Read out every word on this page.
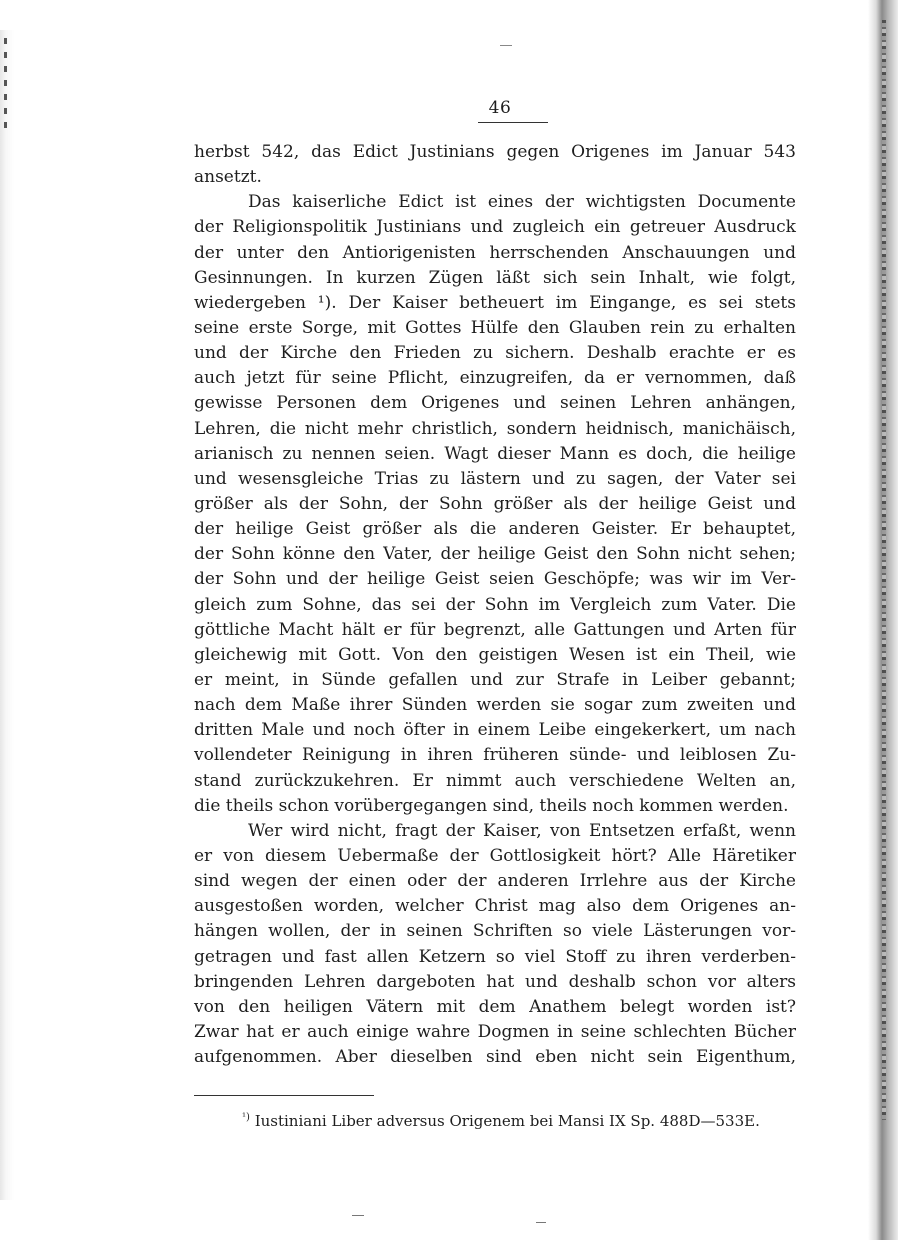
46
herbst 542, das Edict Justinians gegen Origenes im Januar 543
ansetzt.
Das kaiserliche Edict ist eines der wichtigsten Documente
der Religionspolitik Justinians und zugleich ein getreuer Ausdruck
der unter den Antiorigenisten herrschenden Anschauungen und
Gesinnungen. In kurzen Zügen läßt sich sein Inhalt, wie folgt,
wiedergeben ¹). Der Kaiser betheuert im Eingange, es sei stets
seine erste Sorge, mit Gottes Hülfe den Glauben rein zu erhalten
und der Kirche den Frieden zu sichern. Deshalb erachte er es
auch jetzt für seine Pflicht, einzugreifen, da er vernommen, daß
gewisse Personen dem Origenes und seinen Lehren anhängen,
Lehren, die nicht mehr christlich, sondern heidnisch, manichäisch,
arianisch zu nennen seien. Wagt dieser Mann es doch, die heilige
und wesensgleiche Trias zu lästern und zu sagen, der Vater sei
größer als der Sohn, der Sohn größer als der heilige Geist und
der heilige Geist größer als die anderen Geister. Er behauptet,
der Sohn könne den Vater, der heilige Geist den Sohn nicht sehen;
der Sohn und der heilige Geist seien Geschöpfe; was wir im Ver-
gleich zum Sohne, das sei der Sohn im Vergleich zum Vater. Die
göttliche Macht hält er für begrenzt, alle Gattungen und Arten für
gleichewig mit Gott. Von den geistigen Wesen ist ein Theil, wie
er meint, in Sünde gefallen und zur Strafe in Leiber gebannt;
nach dem Maße ihrer Sünden werden sie sogar zum zweiten und
dritten Male und noch öfter in einem Leibe eingekerkert, um nach
vollendeter Reinigung in ihren früheren sünde- und leiblosen Zu-
stand zurückzukehren. Er nimmt auch verschiedene Welten an,
die theils schon vorübergegangen sind, theils noch kommen werden.
Wer wird nicht, fragt der Kaiser, von Entsetzen erfaßt, wenn
er von diesem Uebermaße der Gottlosigkeit hört? Alle Häretiker
sind wegen der einen oder der anderen Irrlehre aus der Kirche
ausgestoßen worden, welcher Christ mag also dem Origenes an-
hängen wollen, der in seinen Schriften so viele Lästerungen vor-
getragen und fast allen Ketzern so viel Stoff zu ihren verderben-
bringenden Lehren dargeboten hat und deshalb schon vor alters
von den heiligen Vätern mit dem Anathem belegt worden ist?
Zwar hat er auch einige wahre Dogmen in seine schlechten Bücher
aufgenommen. Aber dieselben sind eben nicht sein Eigenthum,
$^{^1)}$ Iustiniani Liber adversus Origenem bei Mansi IX Sp. 488D—533E.
